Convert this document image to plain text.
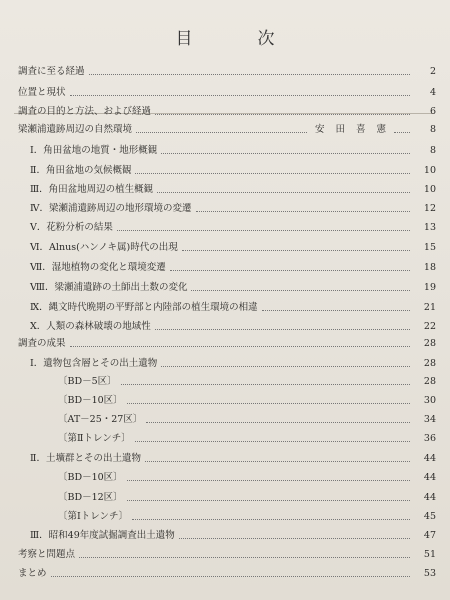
目　次
調査に至る経過	2
位置と現状	4
調査の目的と方法、および経過	6
梁瀬浦遺跡周辺の自然環境	安 田 喜 憲	8
Ⅰ．角田盆地の地質・地形概観	8
Ⅱ．角田盆地の気候概観	10
Ⅲ．角田盆地周辺の植生概観	10
Ⅳ．梁瀬浦遺跡周辺の地形環境の変遷	12
Ⅴ．花粉分析の結果	13
Ⅵ．Alnus(ハンノキ属)時代の出現	15
Ⅶ．湿地植物の変化と環境変遷	18
Ⅷ．梁瀬浦遺跡の土師出土数の変化	19
Ⅸ．縄文時代晩期の平野部と内陸部の植生環境の相違	21
Ⅹ．人類の森林破壊の地域性	22
調査の成果	28
Ⅰ．遺物包含層とその出土遺物	28
〔BD－5区〕	28
〔BD－10区〕	30
〔AT－25・27区〕	34
〔第Ⅱトレンチ〕	36
Ⅱ．土壙群とその出土遺物	44
〔BD－10区〕	44
〔BD－12区〕	44
〔第Ⅰトレンチ〕	45
Ⅲ．昭和49年度試掘調査出土遺物	47
考察と問題点	51
まとめ	53
